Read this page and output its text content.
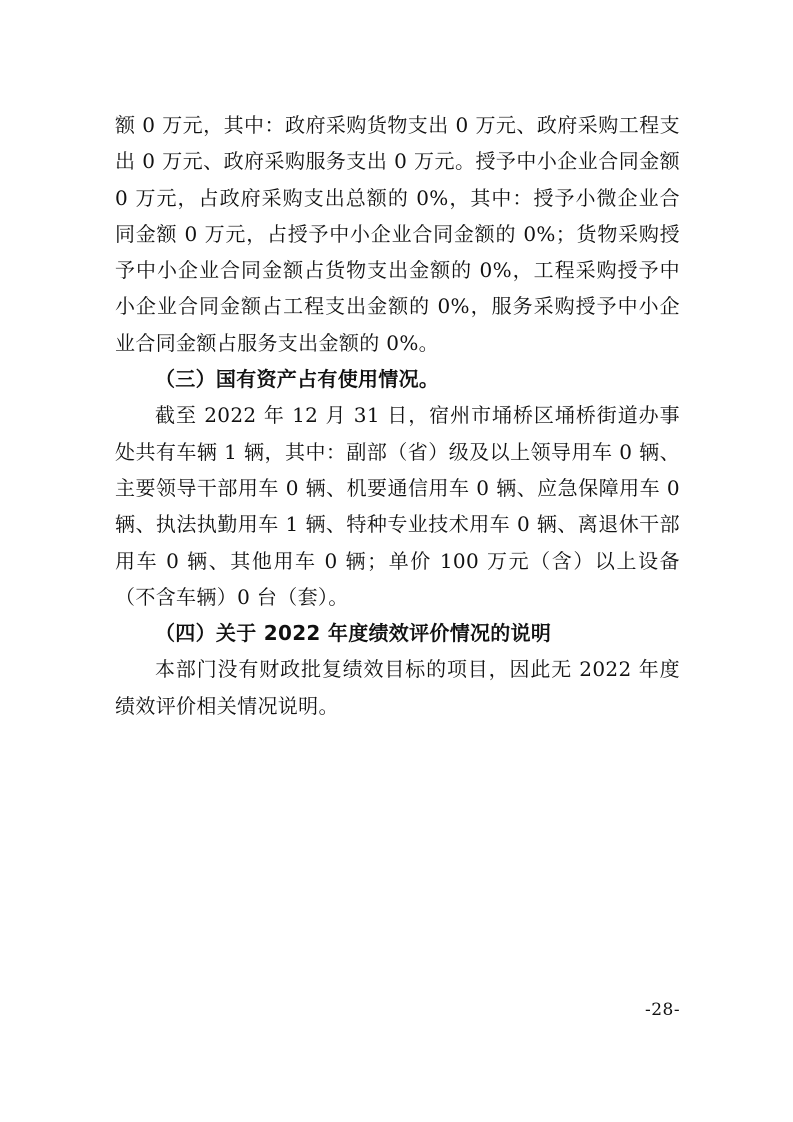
额 0 万元，其中：政府采购货物支出 0 万元、政府采购工程支出 0 万元、政府采购服务支出 0 万元。授予中小企业合同金额 0 万元，占政府采购支出总额的 0%，其中：授予小微企业合同金额 0 万元，占授予中小企业合同金额的 0%；货物采购授予中小企业合同金额占货物支出金额的 0%，工程采购授予中小企业合同金额占工程支出金额的 0%，服务采购授予中小企业合同金额占服务支出金额的 0%。

（三）国有资产占有使用情况。

截至 2022 年 12 月 31 日，宿州市埇桥区埇桥街道办事处共有车辆 1 辆，其中：副部（省）级及以上领导用车 0 辆、主要领导干部用车 0 辆、机要通信用车 0 辆、应急保障用车 0 辆、执法执勤用车 1 辆、特种专业技术用车 0 辆、离退休干部用车 0 辆、其他用车 0 辆；单价 100 万元（含）以上设备（不含车辆）0 台（套）。

（四）关于 2022 年度绩效评价情况的说明

本部门没有财政批复绩效目标的项目，因此无 2022 年度绩效评价相关情况说明。

-28-
